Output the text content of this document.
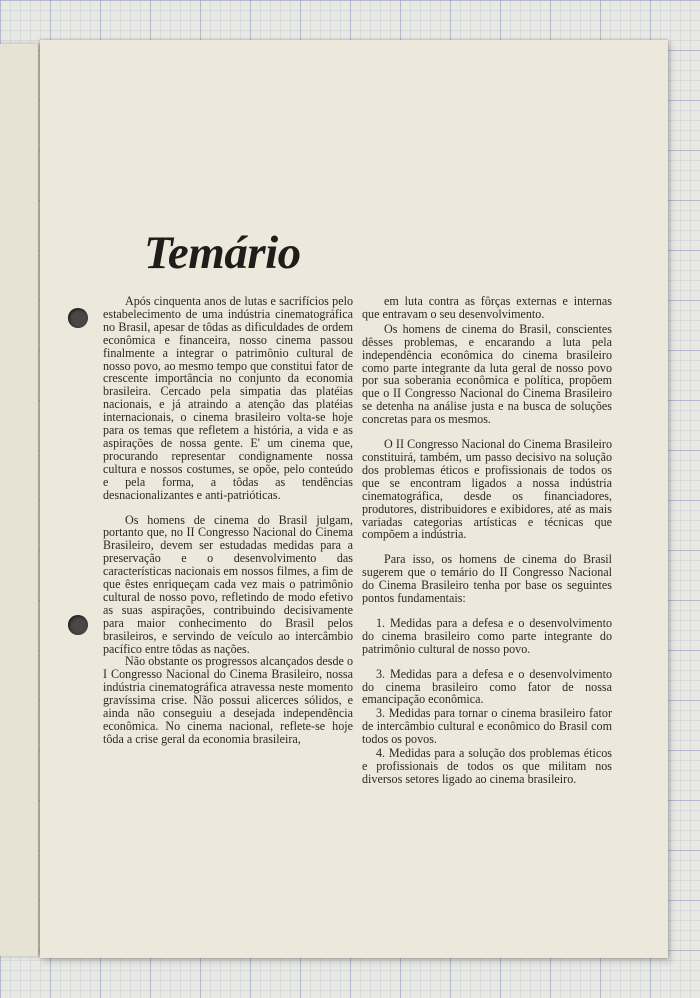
Temário

Após cinquenta anos de lutas e sacrifícios pelo estabelecimento de uma indústria cinematográfica no Brasil, apesar de tôdas as dificuldades de ordem econômica e financeira, nosso cinema passou finalmente a integrar o patrimônio cultural de nosso povo, ao mesmo tempo que constitui fator de crescente importância no conjunto da economia brasileira. Cercado pela simpatia das platéias nacionais, e já atraindo a atenção das platéias internacionais, o cinema brasileiro volta-se hoje para os temas que refletem a história, a vida e as aspirações de nossa gente. E' um cinema que, procurando representar condignamente nossa cultura e nossos costumes, se opõe, pelo conteúdo e pela forma, a tôdas as tendências desnacionalizantes e anti-patrióticas.

Os homens de cinema do Brasil julgam, portanto que, no II Congresso Nacional do Cinema Brasileiro, devem ser estudadas medidas para a preservação e o desenvolvimento das características nacionais em nossos filmes, a fim de que êstes enriqueçam cada vez mais o patrimônio cultural de nosso povo, refletindo de modo efetivo as suas aspirações, contribuindo decisivamente para maior conhecimento do Brasil pelos brasileiros, e servindo de veículo ao intercâmbio pacífico entre tôdas as nações.

Não obstante os progressos alcançados desde o I Congresso Nacional do Cinema Brasileiro, nossa indústria cinematográfica atravessa neste momento gravíssima crise. Não possui alicerces sólidos, e ainda não conseguiu a desejada independência econômica. No cinema nacional, reflete-se hoje tôda a crise geral da economia brasileira,

em luta contra as fôrças externas e internas que entravam o seu desenvolvimento.

Os homens de cinema do Brasil, conscientes dêsses problemas, e encarando a luta pela independência econômica do cinema brasileiro como parte integrante da luta geral de nosso povo por sua soberania econômica e política, propõem que o II Congresso Nacional do Cinema Brasileiro se detenha na análise justa e na busca de soluções concretas para os mesmos.

O II Congresso Nacional do Cinema Brasileiro constituirá, também, um passo decisivo na solução dos problemas éticos e profissionais de todos os que se encontram ligados a nossa indústria cinematográfica, desde os financiadores, produtores, distribuidores e exibidores, até as mais variadas categorias artísticas e técnicas que compõem a indústria.

Para isso, os homens de cinema do Brasil sugerem que o temário do II Congresso Nacional do Cinema Brasileiro tenha por base os seguintes pontos fundamentais:

1. Medidas para a defesa e o desenvolvimento do cinema brasileiro como parte integrante do patrimônio cultural de nosso povo.

3. Medidas para a defesa e o desenvolvimento do cinema brasileiro como fator de nossa emancipação econômica.

3. Medidas para tornar o cinema brasileiro fator de intercâmbio cultural e econômico do Brasil com todos os povos.

4. Medidas para a solução dos problemas éticos e profissionais de todos os que militam nos diversos setores ligado ao cinema brasileiro.
